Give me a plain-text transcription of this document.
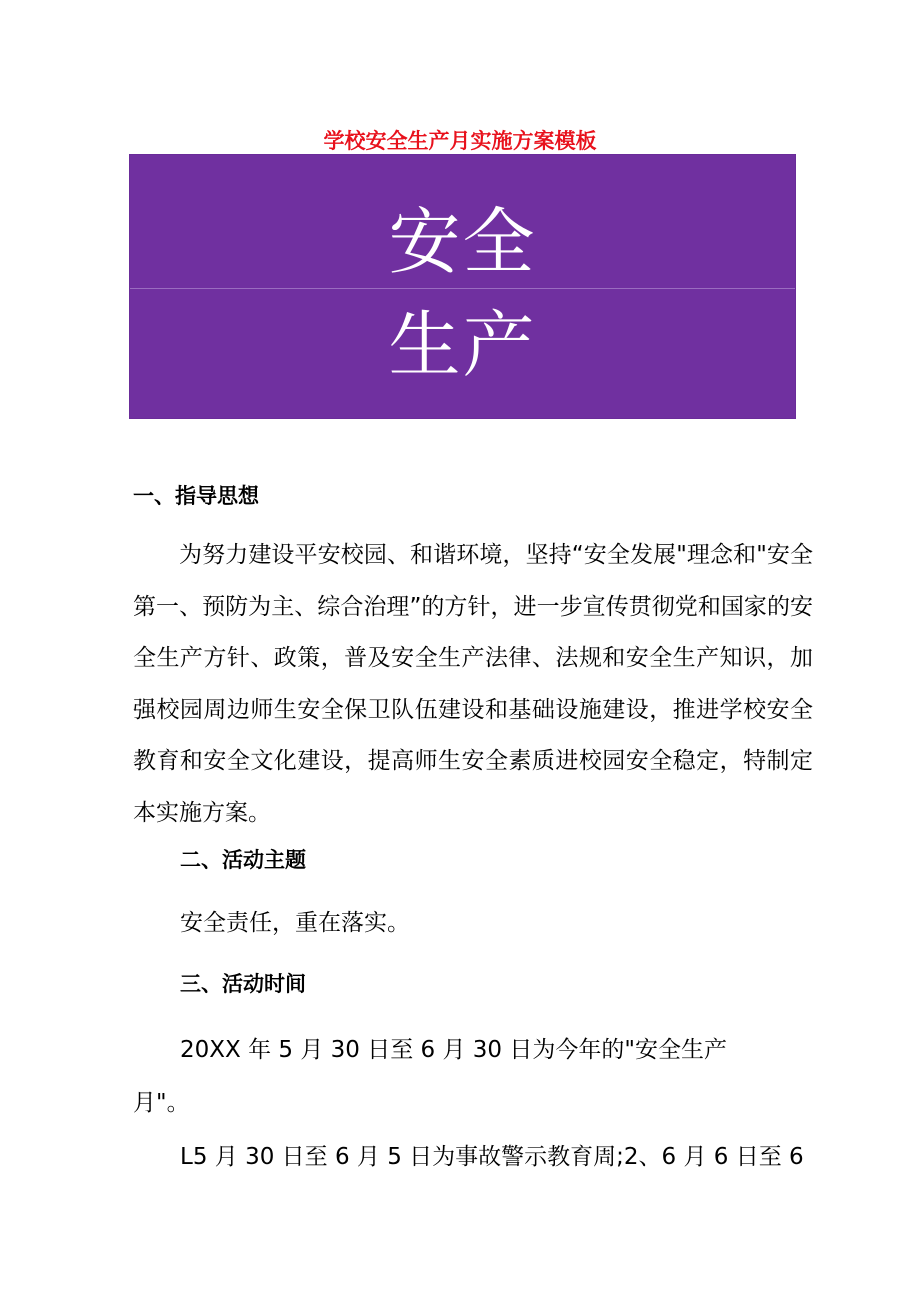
学校安全生产月实施方案模板
安全
生产
一、指导思想

为努力建设平安校园、和谐环境，坚持“安全发展"理念和"安全第一、预防为主、综合治理”的方针，进一步宣传贯彻党和国家的安全生产方针、政策，普及安全生产法律、法规和安全生产知识，加强校园周边师生安全保卫队伍建设和基础设施建设，推进学校安全教育和安全文化建设，提高师生安全素质进校园安全稳定，特制定本实施方案。

二、活动主题

安全责任，重在落实。

三、活动时间

20XX 年 5 月 30 日至 6 月 30 日为今年的"安全生产

月"。

L5 月 30 日至 6 月 5 日为事故警示教育周;2、6 月 6 日至 6
